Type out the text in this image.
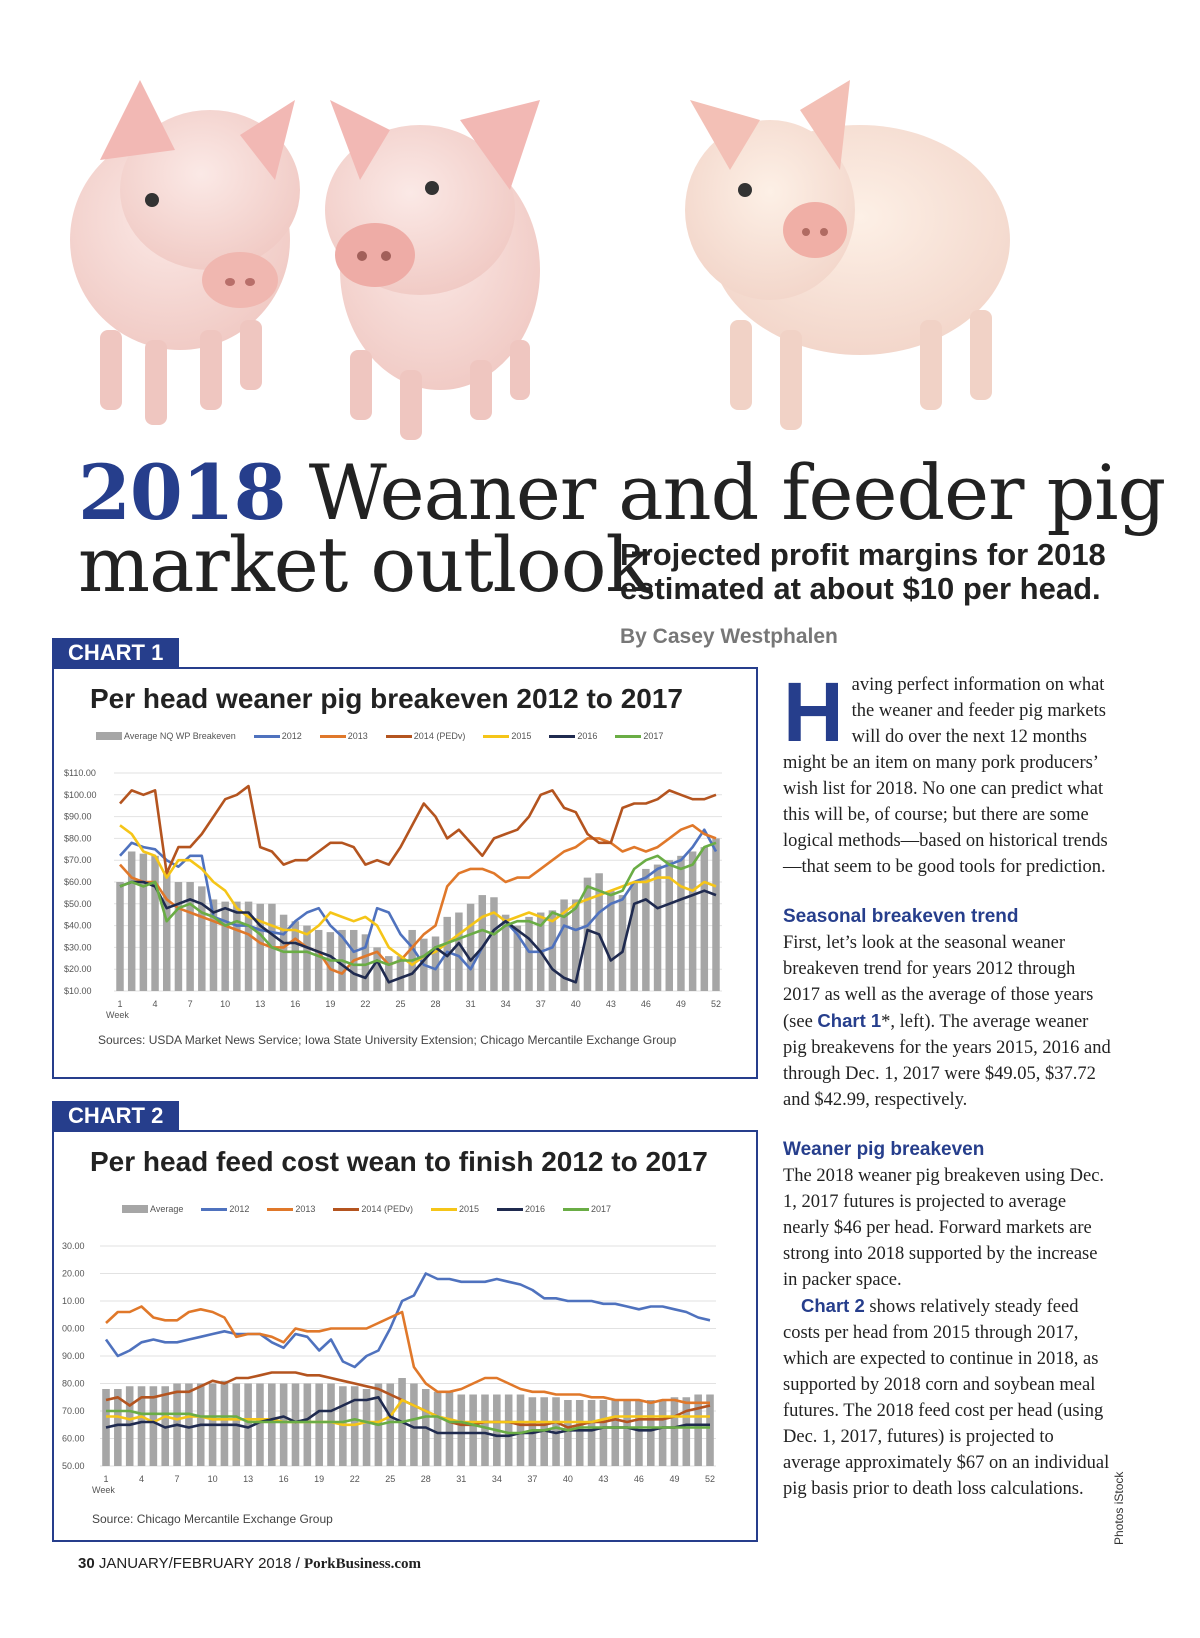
2018 Weaner and feeder pig
market outlook
Projected profit margins for 2018 estimated at about $10 per head.
By Casey Westphalen
CHART 1
Per head weaner pig breakeven 2012 to 2017
Average NQ WP Breakeven	2012	2013	2014 (PEDv)	2015	2016	2017
$110.00
$100.00
$90.00
$80.00
$70.00
$60.00
$50.00
$40.00
$30.00
$20.00
$10.00
1	4	7	10	13	16	19	22	25	28	31	34	37	40	43	46	49	52
Week
Sources: USDA Market News Service; Iowa State University Extension; Chicago Mercantile Exchange Group
CHART 2
Per head feed cost wean to finish 2012 to 2017
Average	2012	2013	2014 (PEDv)	2015	2016	2017
30.00
20.00
10.00
00.00
90.00
80.00
70.00
60.00
50.00
1	4	7	10	13	16	19	22	25	28	31	34	37	40	43	46	49	52
Week
Source: Chicago Mercantile Exchange Group

Having perfect information on what the weaner and feeder pig markets will do over the next 12 months might be an item on many pork producers’ wish list for 2018. No one can predict what this will be, of course; but there are some logical methods—based on historical trends—that seem to be good tools for prediction.

Seasonal breakeven trend

First, let’s look at the seasonal weaner breakeven trend for years 2012 through 2017 as well as the average of those years (see Chart 1*, left). The average weaner pig breakevens for the years 2015, 2016 and through Dec. 1, 2017 were $49.05, $37.72 and $42.99, respectively.

Weaner pig breakeven

The 2018 weaner pig breakeven using Dec. 1, 2017 futures is projected to average nearly $46 per head. Forward markets are strong into 2018 supported by the increase in packer space.

Chart 2 shows relatively steady feed costs per head from 2015 through 2017, which are expected to continue in 2018, as supported by 2018 corn and soybean meal futures. The 2018 feed cost per head (using Dec. 1, 2017, futures) is projected to average approximately $67 on an individual pig basis prior to death loss calculations.	Photos iStock
30 JANUARY/FEBRUARY 2018 / PorkBusiness.com
